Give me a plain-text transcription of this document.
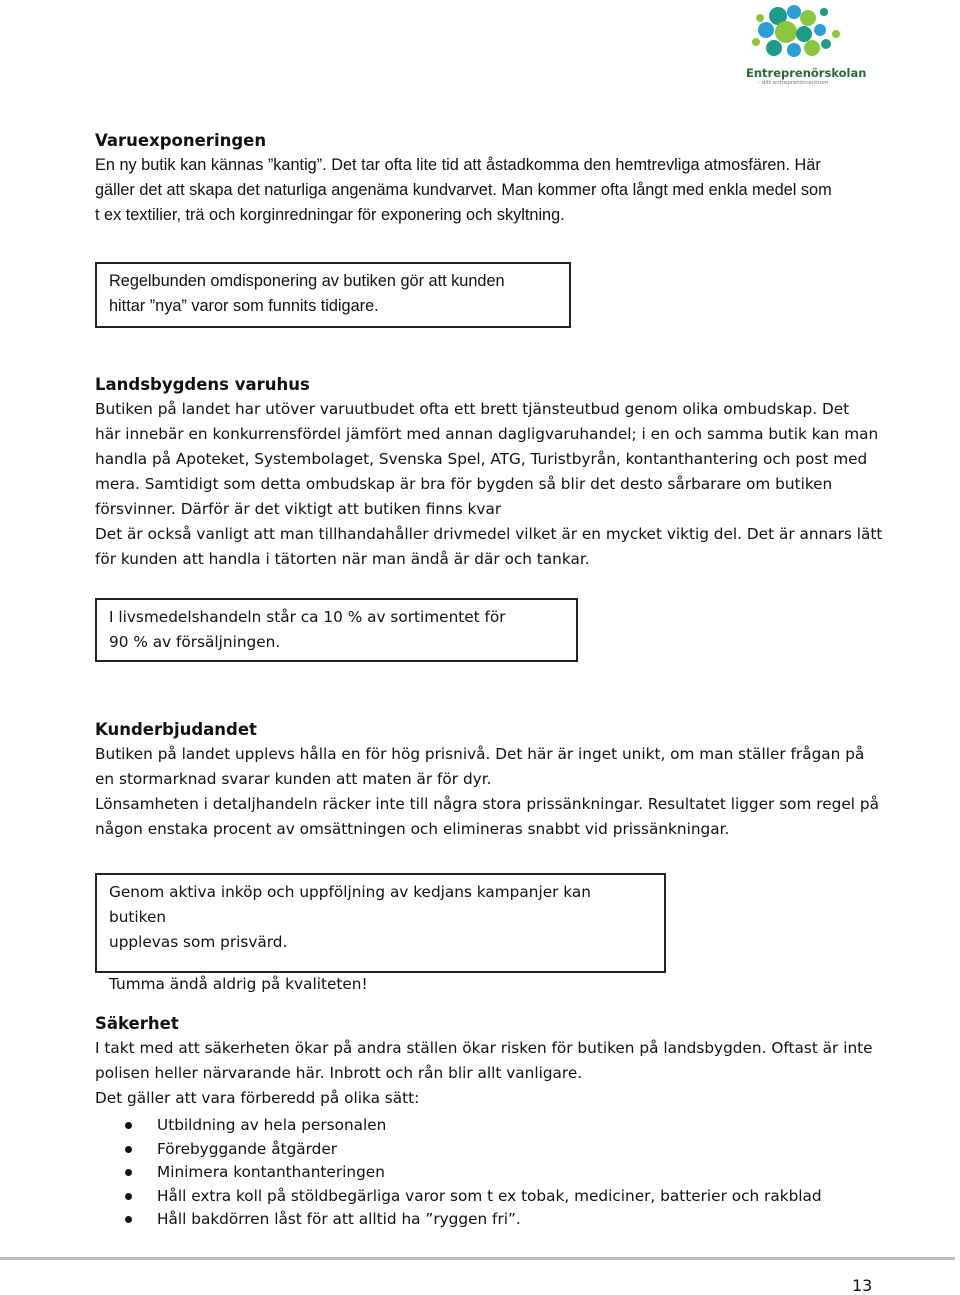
Entreprenörskolan
- ditt entreprenörcentrum

Varuexponeringen

En ny butik kan kännas ”kantig”. Det tar ofta lite tid att åstadkomma den hemtrevliga atmosfären. Här

gäller det att skapa det naturliga angenäma kundvarvet. Man kommer ofta långt med enkla medel som

t ex textilier, trä och korginredningar för exponering och skyltning.

Regelbunden omdisponering av butiken gör att kunden

hittar ”nya” varor som funnits tidigare.

Landsbygdens varuhus

Butiken på landet har utöver varuutbudet ofta ett brett tjänsteutbud genom olika ombudskap. Det

här innebär en konkurrensfördel jämfört med annan dagligvaruhandel; i en och samma butik kan man

handla på Apoteket, Systembolaget, Svenska Spel, ATG, Turistbyrån, kontanthantering och post med

mera. Samtidigt som detta ombudskap är bra för bygden så blir det desto sårbarare om butiken

försvinner. Därför är det viktigt att butiken finns kvar

Det är också vanligt att man tillhandahåller drivmedel vilket är en mycket viktig del. Det är annars lätt

för kunden att handla i tätorten när man ändå är där och tankar.

I livsmedelshandeln står ca 10 % av sortimentet för

90 % av försäljningen.

Kunderbjudandet

Butiken på landet upplevs hålla en för hög prisnivå. Det här är inget unikt, om man ställer frågan på

en stormarknad svarar kunden att maten är för dyr.

Lönsamheten i detaljhandeln räcker inte till några stora prissänkningar. Resultatet ligger som regel på

någon enstaka procent av omsättningen och elimineras snabbt vid prissänkningar.

Genom aktiva inköp och uppföljning av kedjans kampanjer kan butiken

upplevas som prisvärd.

Tumma ändå aldrig på kvaliteten!

Säkerhet

I takt med att säkerheten ökar på andra ställen ökar risken för butiken på landsbygden. Oftast är inte

polisen heller närvarande här. Inbrott och rån blir allt vanligare.

Det gäller att vara förberedd på olika sätt:

Utbildning av hela personalen
Förebyggande åtgärder
Minimera kontanthanteringen
Håll extra koll på stöldbegärliga varor som t ex tobak, mediciner, batterier och rakblad
Håll bakdörren låst för att alltid ha ”ryggen fri”.
13
